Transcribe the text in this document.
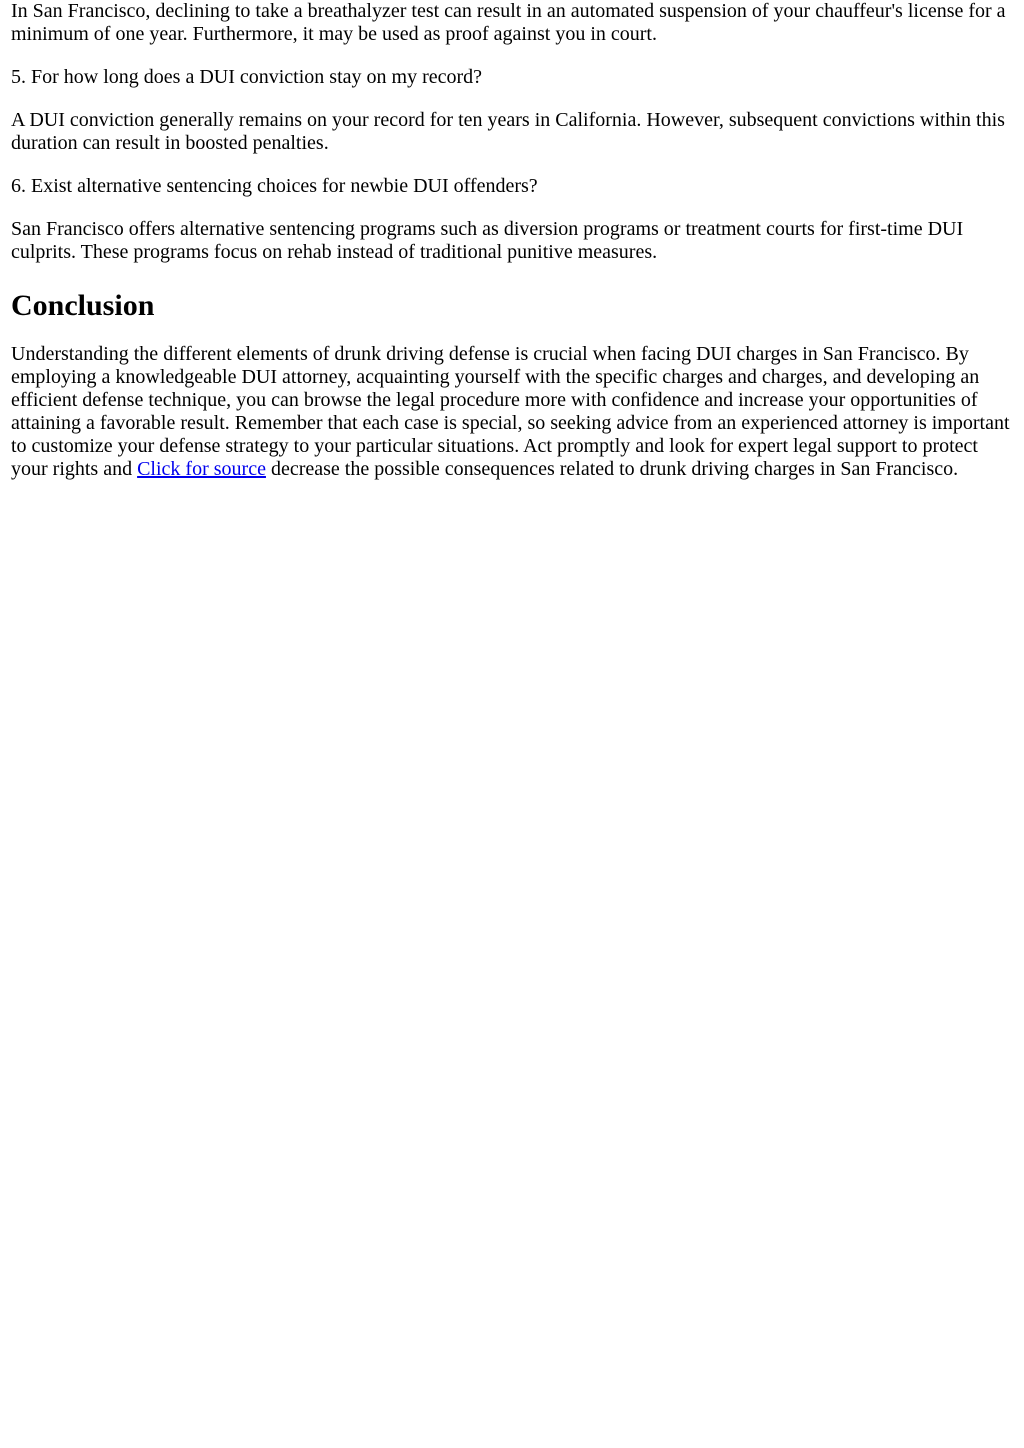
In San Francisco, declining to take a breathalyzer test can result in an automated suspension of your chauffeur's license for a minimum of one year. Furthermore, it may be used as proof against you in court.

5. For how long does a DUI conviction stay on my record?

A DUI conviction generally remains on your record for ten years in California. However, subsequent convictions within this duration can result in boosted penalties.

6. Exist alternative sentencing choices for newbie DUI offenders?

San Francisco offers alternative sentencing programs such as diversion programs or treatment courts for first-time DUI culprits. These programs focus on rehab instead of traditional punitive measures.

Conclusion

Understanding the different elements of drunk driving defense is crucial when facing DUI charges in San Francisco. By employing a knowledgeable DUI attorney, acquainting yourself with the specific charges and charges, and developing an efficient defense technique, you can browse the legal procedure more with confidence and increase your opportunities of attaining a favorable result. Remember that each case is special, so seeking advice from an experienced attorney is important to customize your defense strategy to your particular situations. Act promptly and look for expert legal support to protect your rights and Click for source decrease the possible consequences related to drunk driving charges in San Francisco.
